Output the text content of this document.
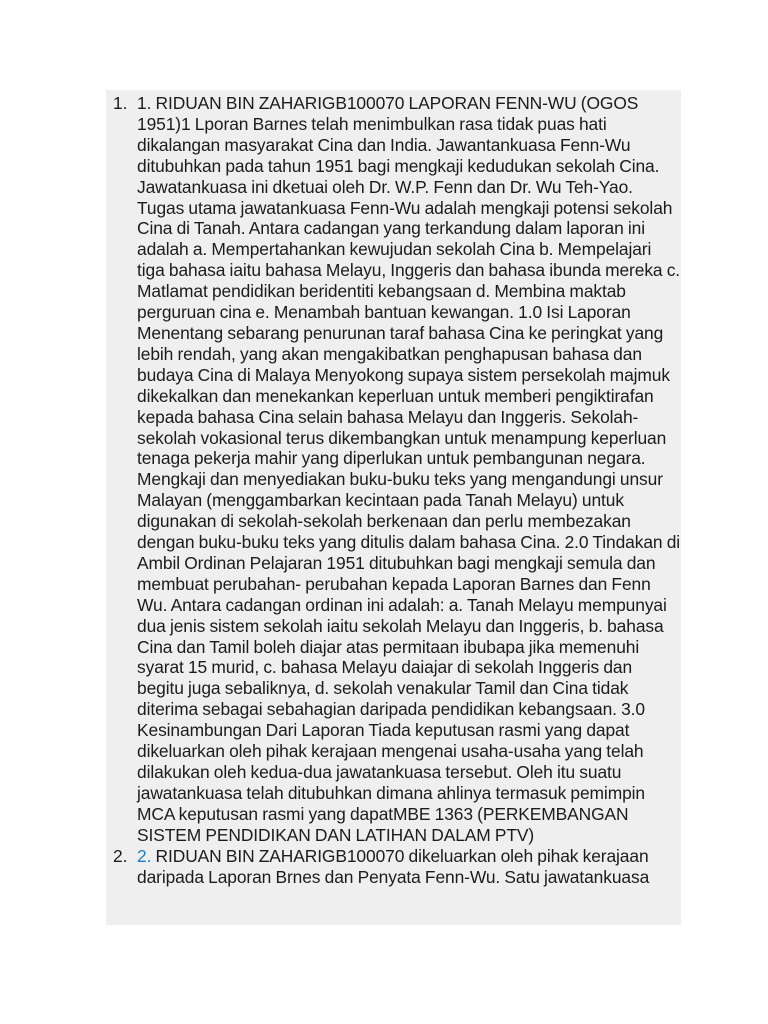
1. 1. RIDUAN BIN ZAHARIGB100070 LAPORAN FENN-WU (OGOS 1951)1 Lporan Barnes telah menimbulkan rasa tidak puas hati dikalangan masyarakat Cina dan India. Jawantankuasa Fenn-Wu ditubuhkan pada tahun 1951 bagi mengkaji kedudukan sekolah Cina. Jawatankuasa ini dketuai oleh Dr. W.P. Fenn dan Dr. Wu Teh-Yao. Tugas utama jawatankuasa Fenn-Wu adalah mengkaji potensi sekolah Cina di Tanah. Antara cadangan yang terkandung dalam laporan ini adalah a. Mempertahankan kewujudan sekolah Cina b. Mempelajari tiga bahasa iaitu bahasa Melayu, Inggeris dan bahasa ibunda mereka c. Matlamat pendidikan beridentiti kebangsaan d. Membina maktab perguruan cina e. Menambah bantuan kewangan. 1.0 Isi Laporan Menentang sebarang penurunan taraf bahasa Cina ke peringkat yang lebih rendah, yang akan mengakibatkan penghapusan bahasa dan budaya Cina di Malaya Menyokong supaya sistem persekolah majmuk dikekalkan dan menekankan keperluan untuk memberi pengiktirafan kepada bahasa Cina selain bahasa Melayu dan Inggeris. Sekolah-sekolah vokasional terus dikembangkan untuk menampung keperluan tenaga pekerja mahir yang diperlukan untuk pembangunan negara. Mengkaji dan menyediakan buku-buku teks yang mengandungi unsur Malayan (menggambarkan kecintaan pada Tanah Melayu) untuk digunakan di sekolah-sekolah berkenaan dan perlu membezakan dengan buku-buku teks yang ditulis dalam bahasa Cina. 2.0 Tindakan di Ambil Ordinan Pelajaran 1951 ditubuhkan bagi mengkaji semula dan membuat perubahan- perubahan kepada Laporan Barnes dan Fenn Wu. Antara cadangan ordinan ini adalah: a. Tanah Melayu mempunyai dua jenis sistem sekolah iaitu sekolah Melayu dan Inggeris, b. bahasa Cina dan Tamil boleh diajar atas permitaan ibubapa jika memenuhi syarat 15 murid, c. bahasa Melayu daiajar di sekolah Inggeris dan begitu juga sebaliknya, d. sekolah venakular Tamil dan Cina tidak diterima sebagai sebahagian daripada pendidikan kebangsaan. 3.0 Kesinambungan Dari Laporan Tiada keputusan rasmi yang dapat dikeluarkan oleh pihak kerajaan mengenai usaha-usaha yang telah dilakukan oleh kedua-dua jawatankuasa tersebut. Oleh itu suatu jawatankuasa telah ditubuhkan dimana ahlinya termasuk pemimpin MCA keputusan rasmi yang dapatMBE 1363 (PERKEMBANGAN SISTEM PENDIDIKAN DAN LATIHAN DALAM PTV)
2. 2. RIDUAN BIN ZAHARIGB100070 dikeluarkan oleh pihak kerajaan daripada Laporan Brnes dan Penyata Fenn-Wu. Satu jawatankuasa
